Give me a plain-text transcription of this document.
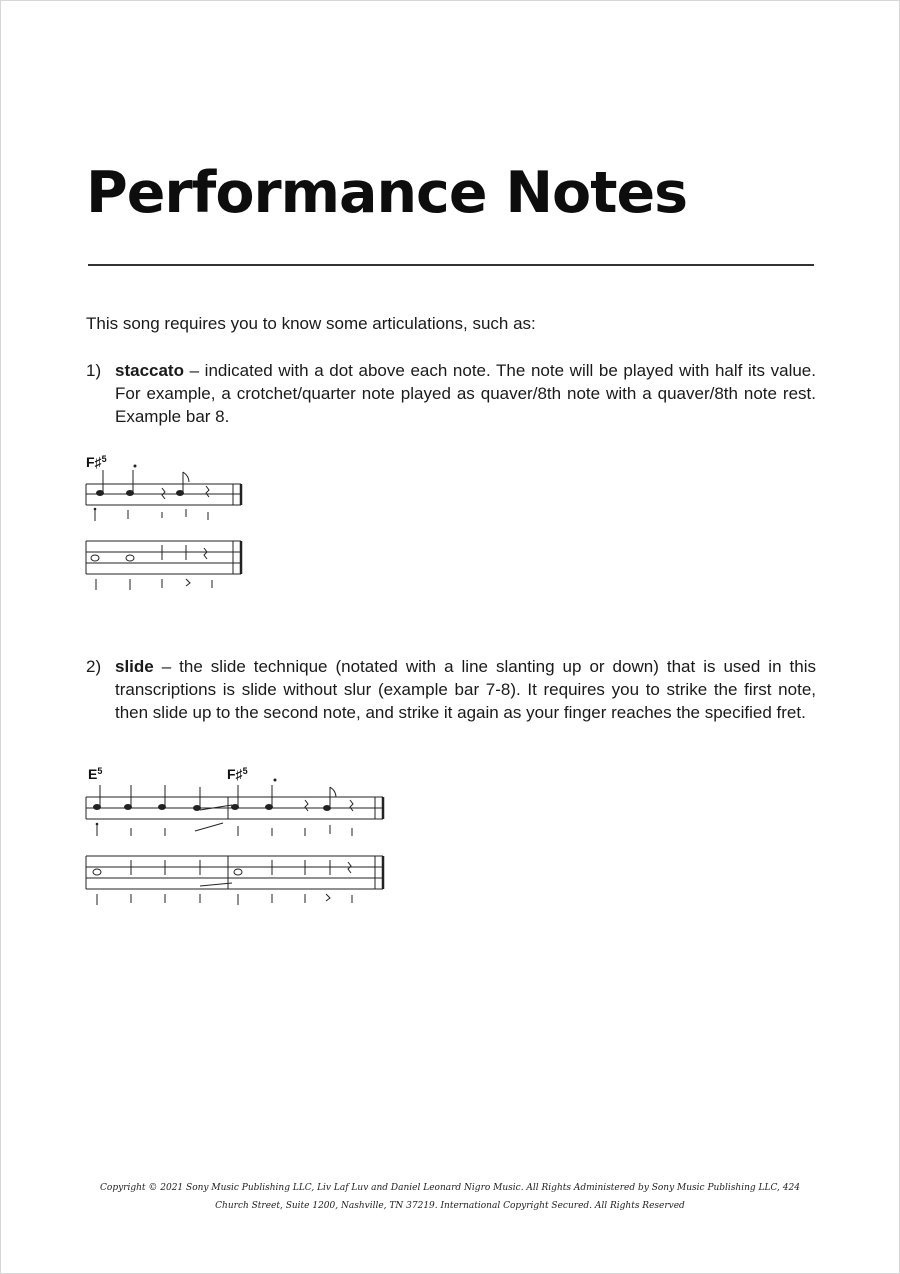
Performance Notes

This song requires you to know some articulations, such as:

1) staccato – indicated with a dot above each note. The note will be played with half its value. For example, a crotchet/quarter note played as quaver/8th note with a quaver/8th note rest. Example bar 8.
2) slide – the slide technique (notated with a line slanting up or down) that is used in this transcriptions is slide without slur (example bar 7-8). It requires you to strike the first note, then slide up to the second note, and strike it again as your finger reaches the specified fret.
F♯$^5$
$E^5$	F♯$^5$

Copyright © 2021 Sony Music Publishing LLC, Liv Laf Luv and Daniel Leonard Nigro Music. All Rights Administered by Sony Music Publishing LLC, 424 Church Street, Suite 1200, Nashville, TN 37219. International Copyright Secured. All Rights Reserved
